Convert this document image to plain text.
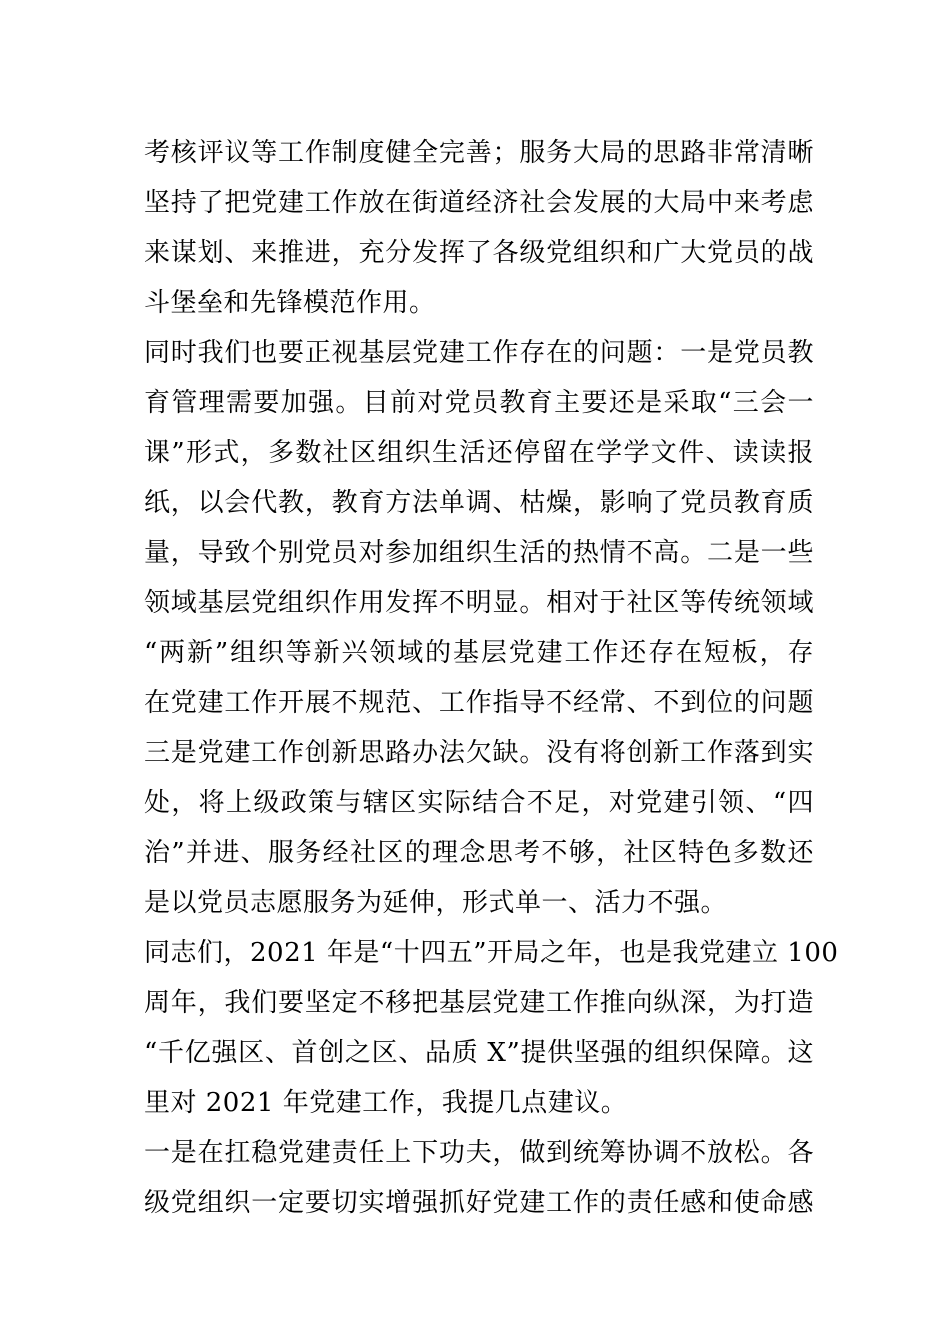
考核评议等工作制度健全完善；服务大局的思路非常清晰
坚持了把党建工作放在街道经济社会发展的大局中来考虑
来谋划、来推进，充分发挥了各级党组织和广大党员的战
斗堡垒和先锋模范作用。
同时我们也要正视基层党建工作存在的问题：一是党员教
育管理需要加强。目前对党员教育主要还是采取“三会一
课”形式，多数社区组织生活还停留在学学文件、读读报
纸，以会代教，教育方法单调、枯燥，影响了党员教育质
量，导致个别党员对参加组织生活的热情不高。二是一些
领域基层党组织作用发挥不明显。相对于社区等传统领域
“两新”组织等新兴领域的基层党建工作还存在短板，存
在党建工作开展不规范、工作指导不经常、不到位的问题
三是党建工作创新思路办法欠缺。没有将创新工作落到实
处，将上级政策与辖区实际结合不足，对党建引领、“四
治”并进、服务经社区的理念思考不够，社区特色多数还
是以党员志愿服务为延伸，形式单一、活力不强。
同志们，2021 年是“十四五”开局之年，也是我党建立 100
周年，我们要坚定不移把基层党建工作推向纵深，为打造
“千亿强区、首创之区、品质 X”提供坚强的组织保障。这
里对 2021 年党建工作，我提几点建议。
一是在扛稳党建责任上下功夫，做到统筹协调不放松。各
级党组织一定要切实增强抓好党建工作的责任感和使命感
